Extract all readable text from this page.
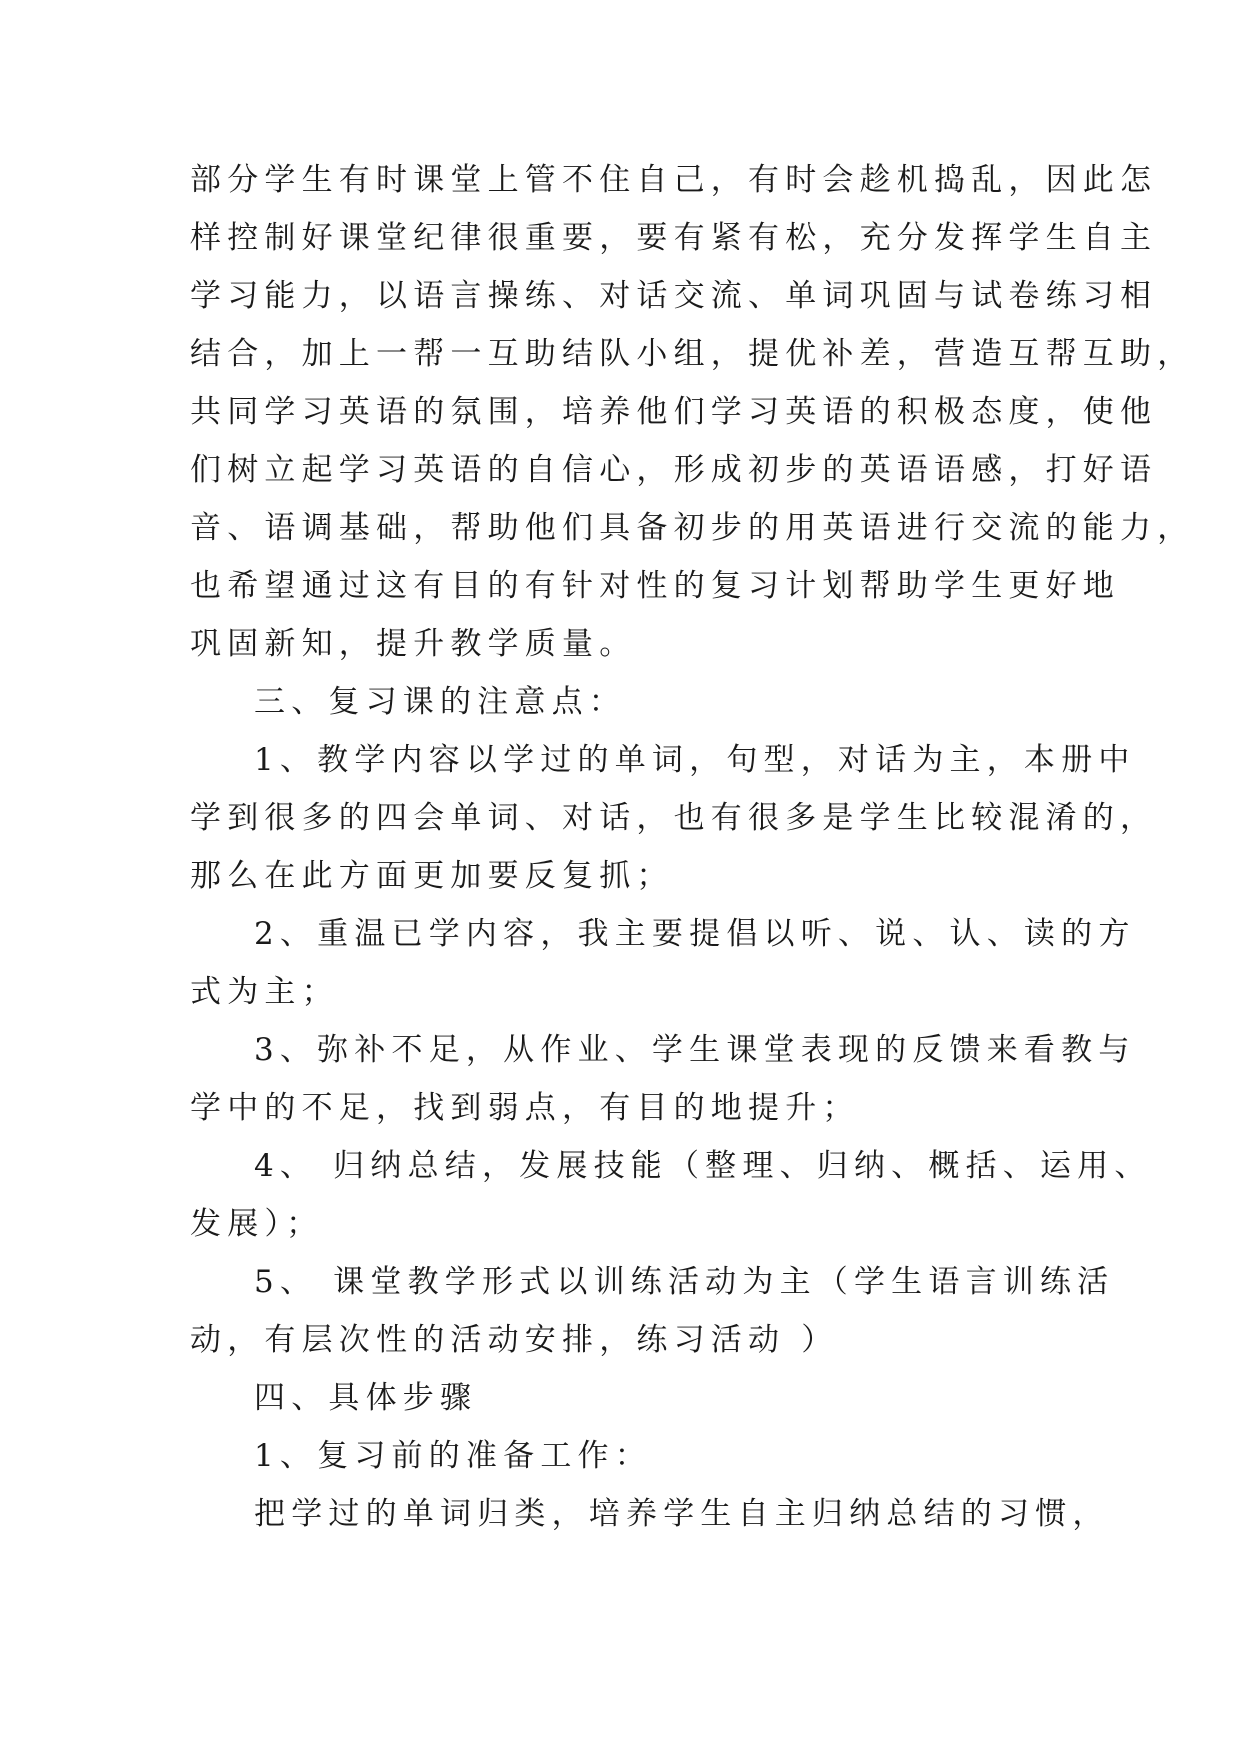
部分学生有时课堂上管不住自己，有时会趁机捣乱，因此怎
样控制好课堂纪律很重要，要有紧有松，充分发挥学生自主
学习能力，以语言操练、对话交流、单词巩固与试卷练习相
结合，加上一帮一互助结队小组，提优补差，营造互帮互助，
共同学习英语的氛围，培养他们学习英语的积极态度，使他
们树立起学习英语的自信心，形成初步的英语语感，打好语
音、语调基础，帮助他们具备初步的用英语进行交流的能力，
也希望通过这有目的有针对性的复习计划帮助学生更好地
巩固新知，提升教学质量。
三、复习课的注意点：
1、教学内容以学过的单词，句型，对话为主，本册中
学到很多的四会单词、对话，也有很多是学生比较混淆的，
那么在此方面更加要反复抓；
2、重温已学内容，我主要提倡以听、说、认、读的方
式为主；
3、弥补不足，从作业、学生课堂表现的反馈来看教与
学中的不足，找到弱点，有目的地提升；
4、 归纳总结，发展技能（整理、归纳、概括、运用、
发展）；
5、 课堂教学形式以训练活动为主（学生语言训练活
动，有层次性的活动安排，练习活动 ）
四、具体步骤
1、复习前的准备工作：
把学过的单词归类，培养学生自主归纳总结的习惯，
